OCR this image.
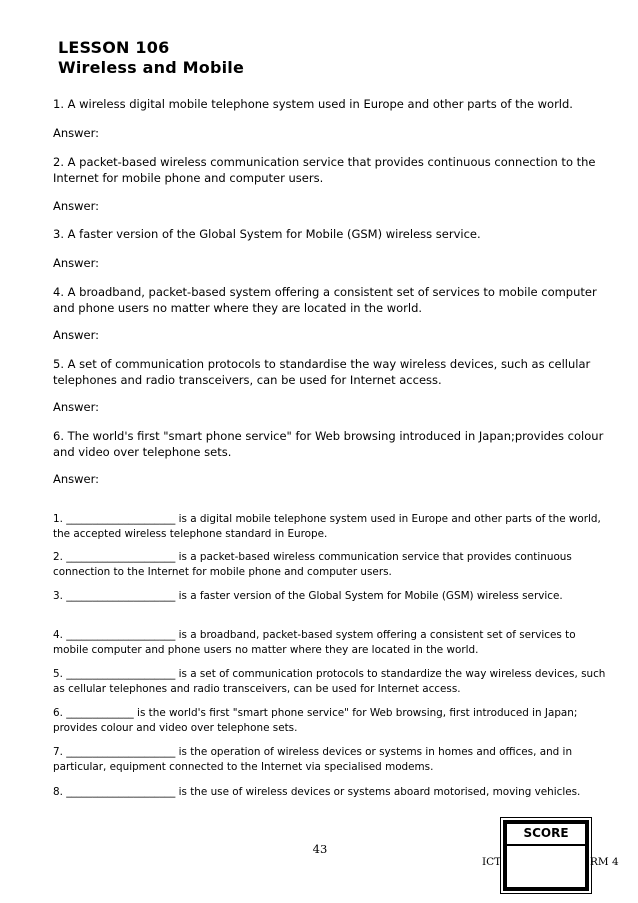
LESSON 106
Wireless and Mobile
1. A wireless digital mobile telephone system used in Europe and other parts of the world.
Answer:
2. A packet-based wireless communication service that provides continuous connection to the Internet for mobile phone and computer users.
Answer:
3. A faster version of the Global System for Mobile (GSM) wireless service.
Answer:
4. A broadband, packet-based system offering a consistent set of services to mobile computer and phone users no matter where they are located in the world.
Answer:
5. A set of communication protocols to standardise the way wireless devices, such as cellular telephones and radio transceivers, can be used for Internet access.
Answer:
6. The world's first "smart phone service" for Web browsing introduced in Japan;provides colour and video over telephone sets.
Answer:
1. _____________________ is a digital mobile telephone system used in Europe and other parts of the world, the accepted wireless telephone standard in Europe.
2. _____________________ is a packet-based wireless communication service that provides continuous connection to the Internet for mobile phone and computer users.
3. _____________________ is a faster version of the Global System for Mobile (GSM) wireless service.
4. _____________________ is a broadband, packet-based system offering a consistent set of services to mobile computer and phone users no matter where they are located in the world.
5. _____________________ is a set of communication protocols to standardize the way wireless devices, such as cellular telephones and radio transceivers, can be used for Internet access.
6. _____________ is the world's first "smart phone service" for Web browsing, first introduced in Japan; provides colour and video over telephone sets.
7. _____________________ is the operation of wireless devices or systems in homes and offices, and in particular, equipment connected to the Internet via specialised modems.
8. _____________________ is the use of wireless devices or systems aboard motorised, moving vehicles.
43
ICT	RM 4
SCORE
